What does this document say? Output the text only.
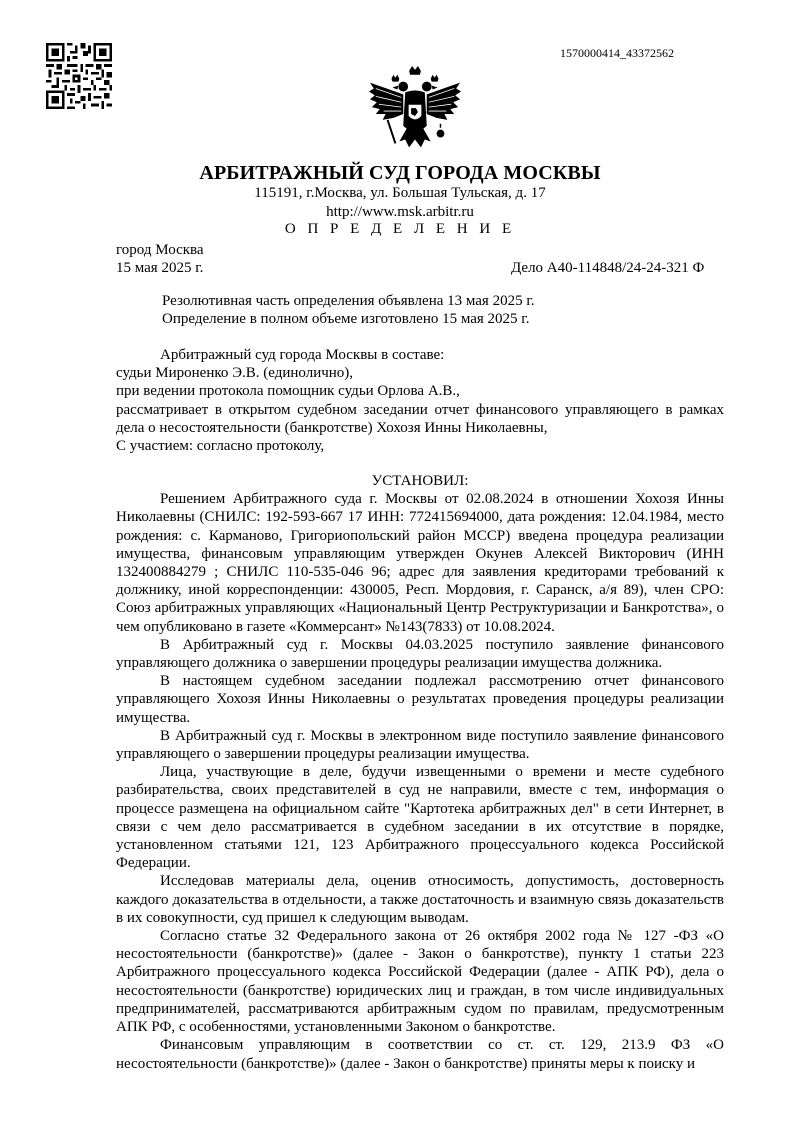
1570000414_43372562
АРБИТРАЖНЫЙ СУД ГОРОДА МОСКВЫ
115191, г.Москва, ул. Большая Тульская, д. 17
http://www.msk.arbitr.ru
О П Р Е Д Е Л Е Н И Е
город Москва
15 мая 2025 г.	Дело А40-114848/24-24-321 Ф
Резолютивная часть определения объявлена 13 мая 2025 г.
Определение в полном объеме изготовлено 15 мая 2025 г.

Арбитражный суд города Москвы в составе:

судьи Мироненко Э.В. (единолично),

при ведении протокола помощник судьи Орлова А.В.,

рассматривает в открытом судебном заседании отчет финансового управляющего в рамках дела о несостоятельности (банкротстве) Хохозя Инны Николаевны,

С участием: согласно протоколу,

УСТАНОВИЛ:

Решением Арбитражного суда г. Москвы от 02.08.2024 в отношении Хохозя Инны Николаевны (СНИЛС: 192-593-667 17 ИНН: 772415694000, дата рождения: 12.04.1984, место рождения: с. Карманово, Григориопольский район МССР) введена процедура реализации имущества, финансовым управляющим утвержден Окунев Алексей Викторович (ИНН 132400884279 ; СНИЛС 110-535-046 96; адрес для заявления кредиторами требований к должнику, иной корреспонденции: 430005, Респ. Мордовия, г. Саранск, а/я 89), член СРО: Союз арбитражных управляющих «Национальный Центр Реструктуризации и Банкротства», о чем опубликовано в газете «Коммерсант» №143(7833) от 10.08.2024.

В Арбитражный суд г. Москвы 04.03.2025 поступило заявление финансового управляющего должника о завершении процедуры реализации имущества должника.

В настоящем судебном заседании подлежал рассмотрению отчет финансового управляющего Хохозя Инны Николаевны о результатах проведения процедуры реализации имущества.

В Арбитражный суд г. Москвы в электронном виде поступило заявление финансового управляющего о завершении процедуры реализации имущества.

Лица, участвующие в деле, будучи извещенными о времени и месте судебного разбирательства, своих представителей в суд не направили, вместе с тем, информация о процессе размещена на официальном сайте "Картотека арбитражных дел" в сети Интернет, в связи с чем дело рассматривается в судебном заседании в их отсутствие в порядке, установленном статьями 121, 123 Арбитражного процессуального кодекса Российской Федерации.

Исследовав материалы дела, оценив относимость, допустимость, достоверность каждого доказательства в отдельности, а также достаточность и взаимную связь доказательств в их совокупности, суд пришел к следующим выводам.

Согласно статье 32 Федерального закона от 26 октября 2002 года № 127 -ФЗ «О несостоятельности (банкротстве)» (далее - Закон о банкротстве), пункту 1 статьи 223 Арбитражного процессуального кодекса Российской Федерации (далее - АПК РФ), дела о несостоятельности (банкротстве) юридических лиц и граждан, в том числе индивидуальных предпринимателей, рассматриваются арбитражным судом по правилам, предусмотренным АПК РФ, с особенностями, установленными Законом о банкротстве.

Финансовым управляющим в соответствии со ст. ст. 129, 213.9 ФЗ «О несостоятельности (банкротстве)» (далее - Закон о банкротстве) приняты меры к поиску и
